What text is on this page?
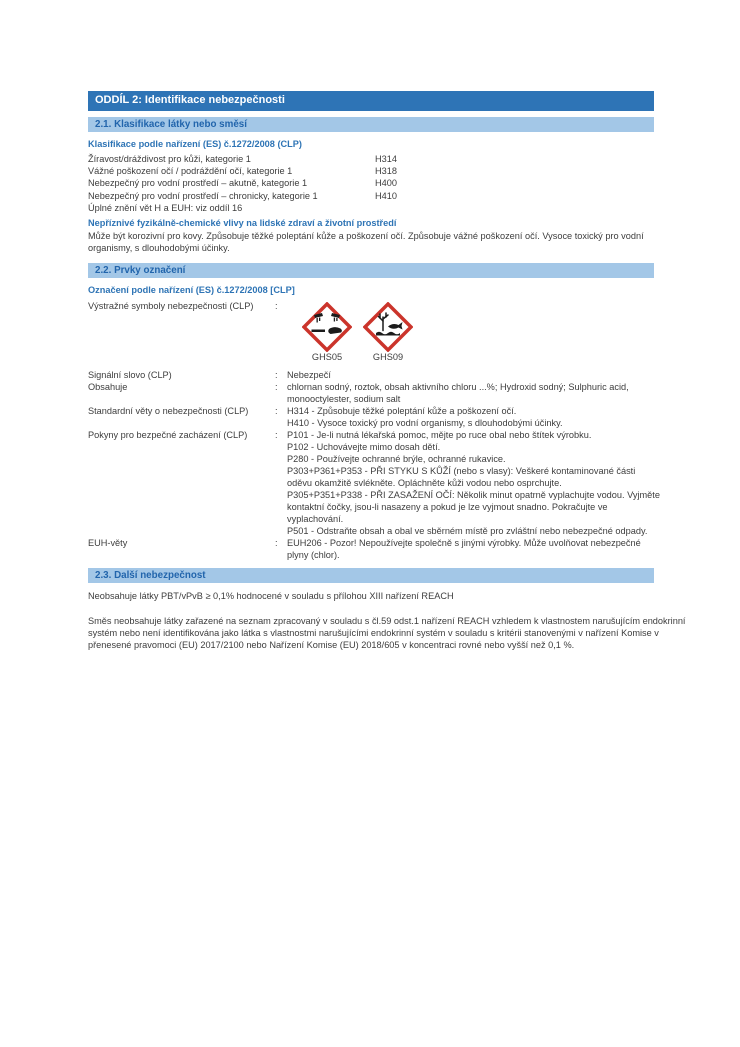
ODDÍL 2: Identifikace nebezpečnosti
2.1. Klasifikace látky nebo směsí
Klasifikace podle nařízení (ES) č.1272/2008 (CLP)
Žíravost/dráždivost pro kůži, kategorie 1	H314
Vážné poškození očí / podráždění očí, kategorie 1	H318
Nebezpečný pro vodní prostředí – akutně, kategorie 1	H400
Nebezpečný pro vodní prostředí – chronicky, kategorie 1	H410
Úplné znění vět H a EUH: viz oddíl 16
Nepříznivé fyzikálně-chemické vlivy na lidské zdraví a životní prostředí
Může být korozivní pro kovy. Způsobuje těžké poleptání kůže a poškození očí. Způsobuje vážné poškození očí. Vysoce toxický pro vodní
organismy, s dlouhodobými účinky.
2.2. Prvky označení
Označení podle nařízení (ES) č.1272/2008 [CLP]
Výstražné symboly nebezpečnosti (CLP)	:
GHS05	GHS09
Signální slovo (CLP)	:	Nebezpečí
Obsahuje	:	chlornan sodný, roztok, obsah aktivního chloru ...%; Hydroxid sodný; Sulphuric acid,
monooctylester, sodium salt
Standardní věty o nebezpečnosti (CLP)	:	H314 - Způsobuje těžké poleptání kůže a poškození očí.
H410 - Vysoce toxický pro vodní organismy, s dlouhodobými účinky.
Pokyny pro bezpečné zacházení (CLP)	:	P101 - Je-li nutná lékařská pomoc, mějte po ruce obal nebo štítek výrobku.
P102 - Uchovávejte mimo dosah dětí.
P280 - Používejte ochranné brýle, ochranné rukavice.
P303+P361+P353 - PŘI STYKU S KŮŽÍ (nebo s vlasy): Veškeré kontaminované části
oděvu okamžitě svlékněte. Opláchněte kůži vodou nebo osprchujte.
P305+P351+P338 - PŘI ZASAŽENÍ OČÍ: Několik minut opatrně vyplachujte vodou. Vyjměte
kontaktní čočky, jsou-li nasazeny a pokud je lze vyjmout snadno. Pokračujte ve
vyplachování.
P501 - Odstraňte obsah a obal ve sběrném místě pro zvláštní nebo nebezpečné odpady.
EUH-věty	:	EUH206 - Pozor! Nepoužívejte společně s jinými výrobky. Může uvolňovat nebezpečné
plyny (chlor).
2.3. Další nebezpečnost
Neobsahuje látky PBT/vPvB ≥ 0,1% hodnocené v souladu s přílohou XIII nařízení REACH
Směs neobsahuje látky zařazené na seznam zpracovaný v souladu s čl.59 odst.1 nařízení REACH vzhledem k vlastnostem narušujícím endokrinní
systém nebo není identifikována jako látka s vlastnostmi narušujícími endokrinní systém v souladu s kritérii stanovenými v nařízení Komise v
přenesené pravomoci (EU) 2017/2100 nebo Nařízení Komise (EU) 2018/605 v koncentraci rovné nebo vyšší než 0,1 %.
